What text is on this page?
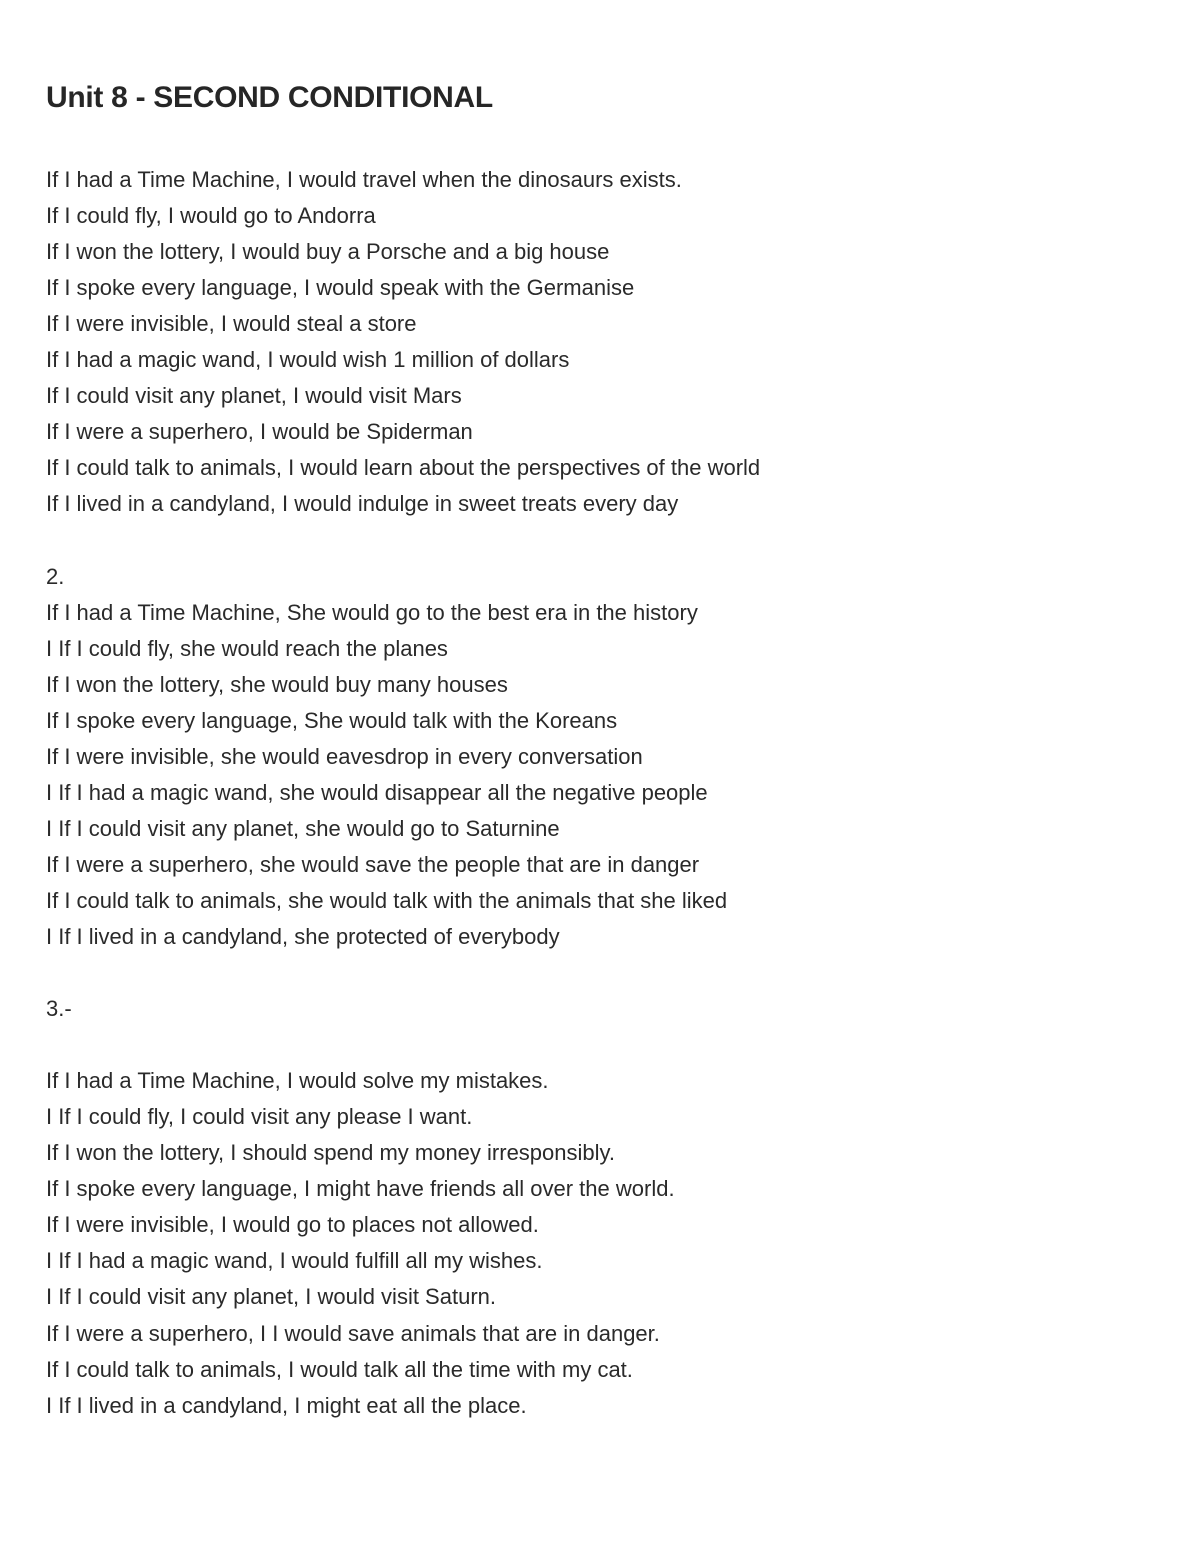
Unit 8 - SECOND CONDITIONAL
If I had a Time Machine, I would travel when the dinosaurs exists.
If I could fly, I would go to Andorra
If I won the lottery, I would buy a Porsche and a big house
If I spoke every language, I would speak with the Germanise
If I were invisible, I would steal a store
If I had a magic wand, I would wish 1 million of dollars
If I could visit any planet, I would visit Mars
If I were a superhero, I would be Spiderman
If I could talk to animals, I would learn about the perspectives of the world
If I lived in a candyland, I would indulge in sweet treats every day
2.
If I had a Time Machine, She would go to the best era in the history
I If I could fly, she would reach the planes
If I won the lottery, she would buy many houses
If I spoke every language, She would talk with the Koreans
If I were invisible, she would eavesdrop in every conversation
I If I had a magic wand, she would disappear all the negative people
I If I could visit any planet, she would go to Saturnine
If I were a superhero, she would save the people that are in danger
If I could talk to animals, she would talk with the animals that she liked
I If I lived in a candyland, she protected of everybody
3.-
If I had a Time Machine, I would solve my mistakes.
I If I could fly, I could visit any please I want.
If I won the lottery, I should spend my money irresponsibly.
If I spoke every language, I might have friends all over the world.
If I were invisible, I would go to places not allowed.
I If I had a magic wand, I would fulfill all my wishes.
I If I could visit any planet, I would visit Saturn.
If I were a superhero, I I would save animals that are in danger.
If I could talk to animals, I would talk all the time with my cat.
I If I lived in a candyland, I might eat all the place.
